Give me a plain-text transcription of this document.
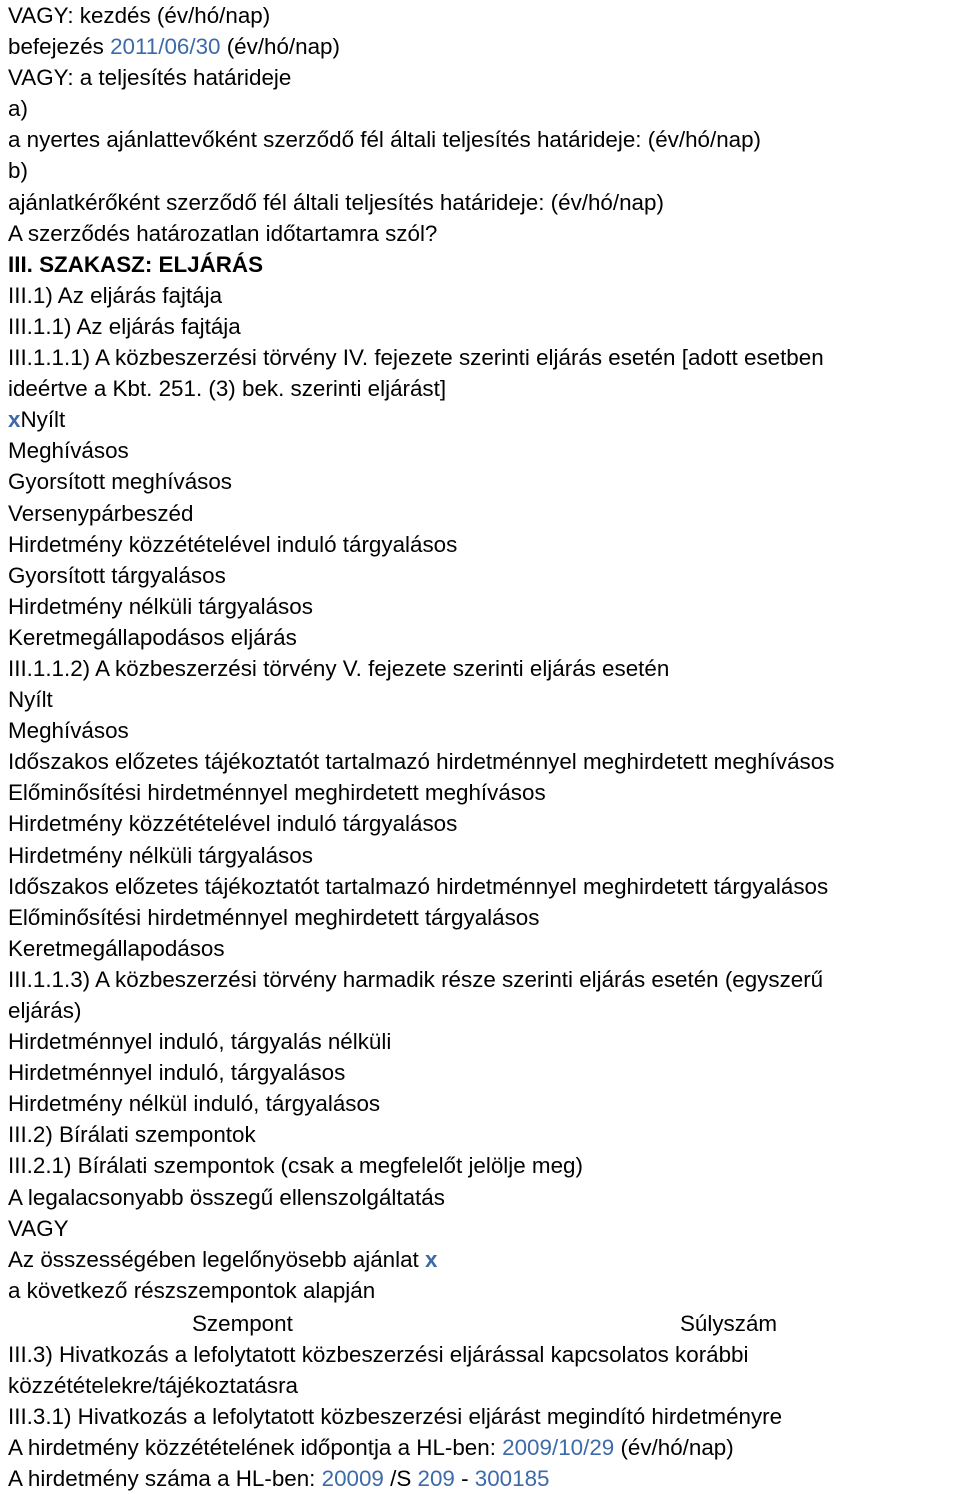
VAGY: kezdés (év/hó/nap)
befejezés 2011/06/30 (év/hó/nap)
VAGY: a teljesítés határideje
a)
a nyertes ajánlattevőként szerződő fél általi teljesítés határideje: (év/hó/nap)
b)
ajánlatkérőként szerződő fél általi teljesítés határideje: (év/hó/nap)
A szerződés határozatlan időtartamra szól?
III. SZAKASZ: ELJÁRÁS
III.1) Az eljárás fajtája
III.1.1) Az eljárás fajtája
III.1.1.1) A közbeszerzési törvény IV. fejezete szerinti eljárás esetén [adott esetben
ideértve a Kbt. 251. (3) bek. szerinti eljárást]
xNyílt
Meghívásos
Gyorsított meghívásos
Versenypárbeszéd
Hirdetmény közzétételével induló tárgyalásos
Gyorsított tárgyalásos
Hirdetmény nélküli tárgyalásos
Keretmegállapodásos eljárás
III.1.1.2) A közbeszerzési törvény V. fejezete szerinti eljárás esetén
Nyílt
Meghívásos
Időszakos előzetes tájékoztatót tartalmazó hirdetménnyel meghirdetett meghívásos
Előminősítési hirdetménnyel meghirdetett meghívásos
Hirdetmény közzétételével induló tárgyalásos
Hirdetmény nélküli tárgyalásos
Időszakos előzetes tájékoztatót tartalmazó hirdetménnyel meghirdetett tárgyalásos
Előminősítési hirdetménnyel meghirdetett tárgyalásos
Keretmegállapodásos
III.1.1.3) A közbeszerzési törvény harmadik része szerinti eljárás esetén (egyszerű
eljárás)
Hirdetménnyel induló, tárgyalás nélküli
Hirdetménnyel induló, tárgyalásos
Hirdetmény nélkül induló, tárgyalásos
III.2) Bírálati szempontok
III.2.1) Bírálati szempontok (csak a megfelelőt jelölje meg)
A legalacsonyabb összegű ellenszolgáltatás
VAGY
Az összességében legelőnyösebb ajánlat x
a következő részszempontok alapján
Szempont	Súlyszám
III.3) Hivatkozás a lefolytatott közbeszerzési eljárással kapcsolatos korábbi
közzétételekre/tájékoztatásra
III.3.1) Hivatkozás a lefolytatott közbeszerzési eljárást megindító hirdetményre
A hirdetmény közzétételének időpontja a HL-ben: 2009/10/29 (év/hó/nap)
A hirdetmény száma a HL-ben: 20009 /S 209 - 300185
